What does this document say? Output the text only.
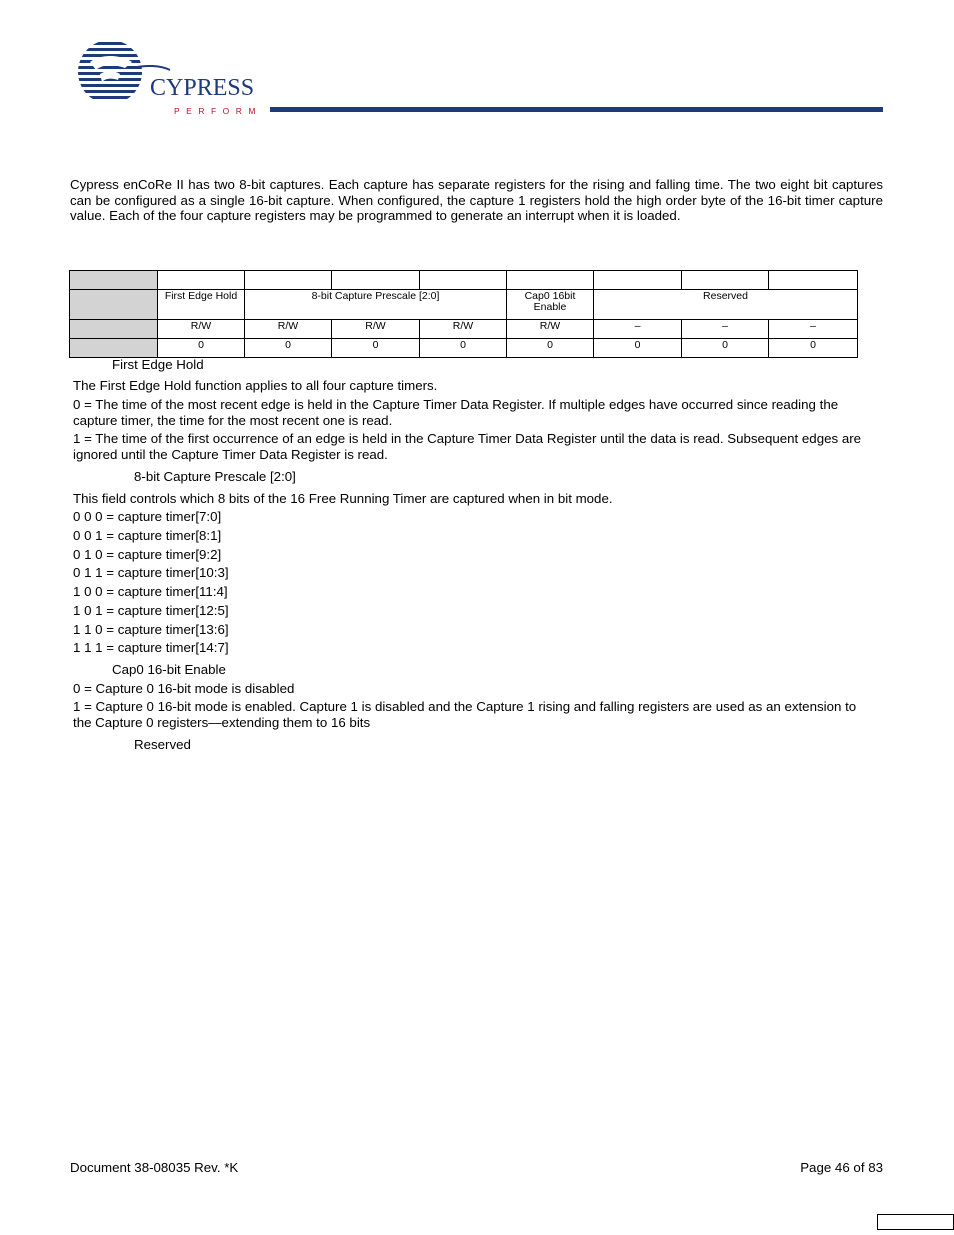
CYPRESS
PERFORM

Cypress enCoRe II has two 8-bit captures. Each capture has separate registers for the rising and falling time. The two eight bit captures can be configured as a single 16-bit capture. When configured, the capture 1 registers hold the high order byte of the 16-bit timer capture value. Each of the four capture registers may be programmed to generate an interrupt when it is loaded.

	First Edge Hold	8-bit Capture Prescale [2:0]			Cap0 16bit Enable	Reserved		
	R/W	R/W	R/W	R/W	R/W	–	–	–
	0	0	0	0	0	0	0	0

First Edge Hold

The First Edge Hold function applies to all four capture timers.

0 = The time of the most recent edge is held in the Capture Timer Data Register. If multiple edges have occurred since reading the capture timer, the time for the most recent one is read.

1 = The time of the first occurrence of an edge is held in the Capture Timer Data Register until the data is read. Subsequent edges are ignored until the Capture Timer Data Register is read.

8-bit Capture Prescale [2:0]

This field controls which 8 bits of the 16 Free Running Timer are captured when in bit mode.

0 0 0 = capture timer[7:0]

0 0 1 = capture timer[8:1]

0 1 0 = capture timer[9:2]

0 1 1 = capture timer[10:3]

1 0 0 = capture timer[11:4]

1 0 1 = capture timer[12:5]

1 1 0 = capture timer[13:6]

1 1 1 = capture timer[14:7]

Cap0 16-bit Enable

0 = Capture 0 16-bit mode is disabled

1 = Capture 0 16-bit mode is enabled. Capture 1 is disabled and the Capture 1 rising and falling registers are used as an extension to the Capture 0 registers—extending them to 16 bits

Reserved

Document 38-08035 Rev. *K	Page 46 of 83
